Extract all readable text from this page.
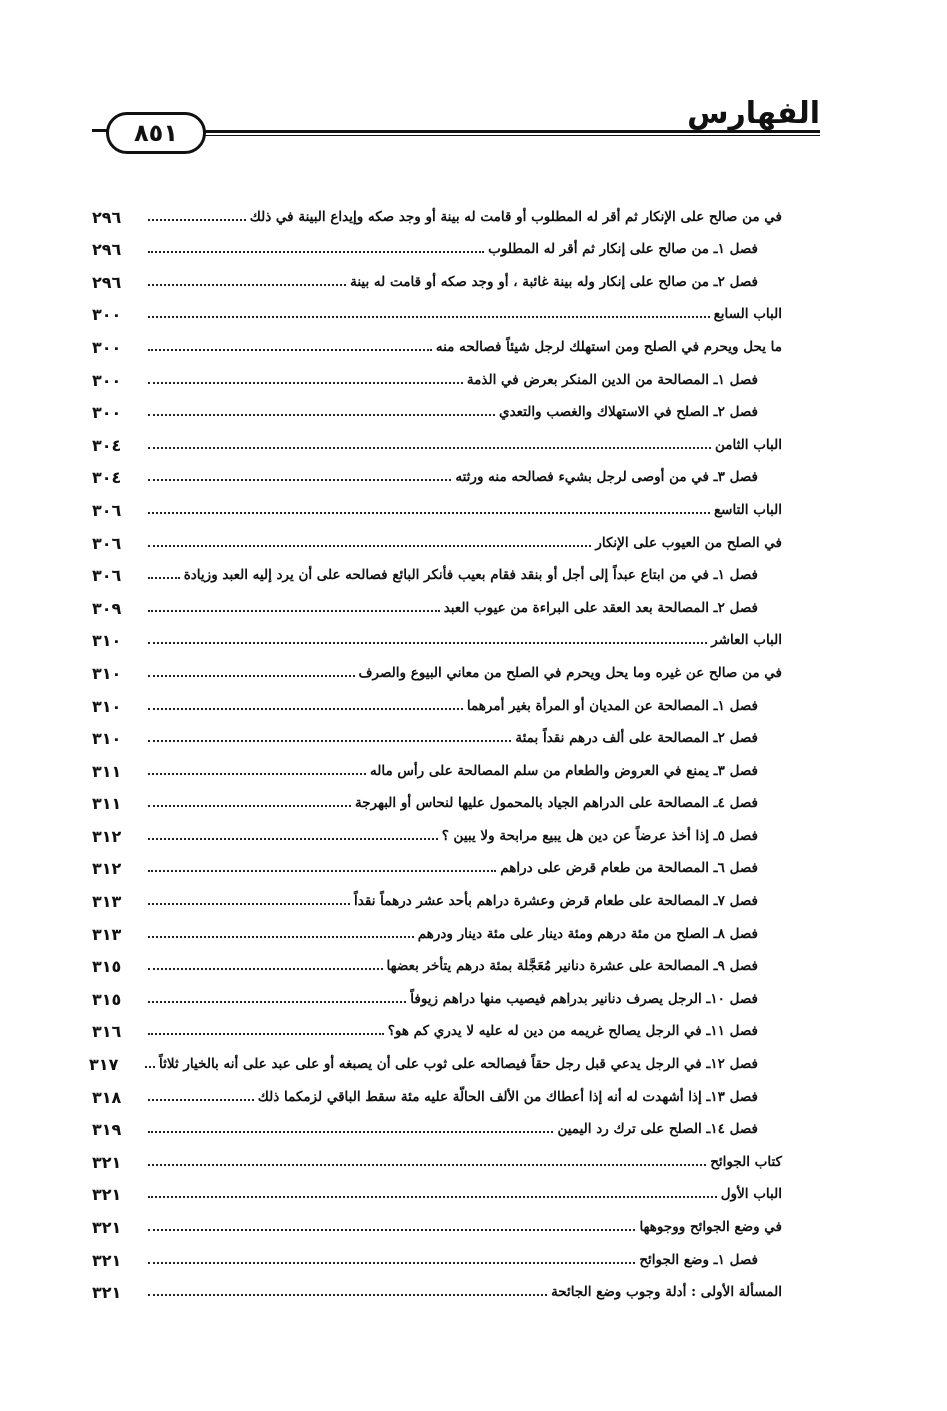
الفهارس
٨٥١
في من صالح على الإنكار ثم أقر له المطلوب أو قامت له بينة أو وجد صكه وإيداع البينة في ذلك
٢٩٦
فصل ١ـ من صالح على إنكار ثم أقر له المطلوب
٢٩٦
فصل ٢ـ من صالح على إنكار وله بينة غائبة ، أو وجد صكه أو قامت له بينة
٢٩٦
الباب السابع
٣٠٠
ما يحل ويحرم في الصلح ومن استهلك لرجل شيئاً فصالحه منه
٣٠٠
فصل ١ـ المصالحة من الدين المنكر بعرض في الذمة
٣٠٠
فصل ٢ـ الصلح في الاستهلاك والغصب والتعدي
٣٠٠
الباب الثامن
٣٠٤
فصل ٣ـ في من أوصى لرجل بشيء فصالحه منه ورثته
٣٠٤
الباب التاسع
٣٠٦
في الصلح من العيوب على الإنكار
٣٠٦
فصل ١ـ في من ابتاع عبداً إلى أجل أو بنقد فقام بعيب فأنكر البائع فصالحه على أن يرد إليه العبد وزيادة
٣٠٦
فصل ٢ـ المصالحة بعد العقد على البراءة من عيوب العبد
٣٠٩
الباب العاشر
٣١٠
في من صالح عن غيره وما يحل ويحرم في الصلح من معاني البيوع والصرف
٣١٠
فصل ١ـ المصالحة عن المديان أو المرأة بغير أمرهما
٣١٠
فصل ٢ـ المصالحة على ألف درهم نقداً بمئة
٣١٠
فصل ٣ـ يمنع في العروض والطعام من سلم المصالحة على رأس ماله
٣١١
فصل ٤ـ المصالحة على الدراهم الجياد بالمحمول عليها لنحاس أو البهرجة
٣١١
فصل ٥ـ إذا أخذ عرضاً عن دين هل يبيع مرابحة ولا يبين ؟
٣١٢
فصل ٦ـ المصالحة من طعام قرض على دراهم
٣١٢
فصل ٧ـ المصالحة على طعام قرض وعشرة دراهم بأحد عشر درهماً نقداً
٣١٣
فصل ٨ـ الصلح من مئة درهم ومئة دينار على مئة دينار ودرهم
٣١٣
فصل ٩ـ المصالحة على عشرة دنانير مُعَجَّلة بمئة درهم يتأخر بعضها
٣١٥
فصل ١٠ـ الرجل يصرف دنانير بدراهم فيصيب منها دراهم زيوفاً
٣١٥
فصل ١١ـ في الرجل يصالح غريمه من دين له عليه لا يدري كم هو؟
٣١٦
فصل ١٢ـ في الرجل يدعي قبل رجل حقاً فيصالحه على ثوب على أن يصبغه أو على عبد على أنه بالخيار ثلاثاً
٣١٧
فصل ١٣ـ إذا أشهدت له أنه إذا أعطاك من الألف الحالّة عليه مئة سقط الباقي لزمكما ذلك
٣١٨
فصل ١٤ـ الصلح على ترك رد اليمين
٣١٩
كتاب الجوائح
٣٢١
الباب الأول
٣٢١
في وضع الجوائح ووجوهها
٣٢١
فصل ١ـ وضع الجوائح
٣٢١
المسألة الأولى : أدلة وجوب وضع الجائحة
٣٢١
